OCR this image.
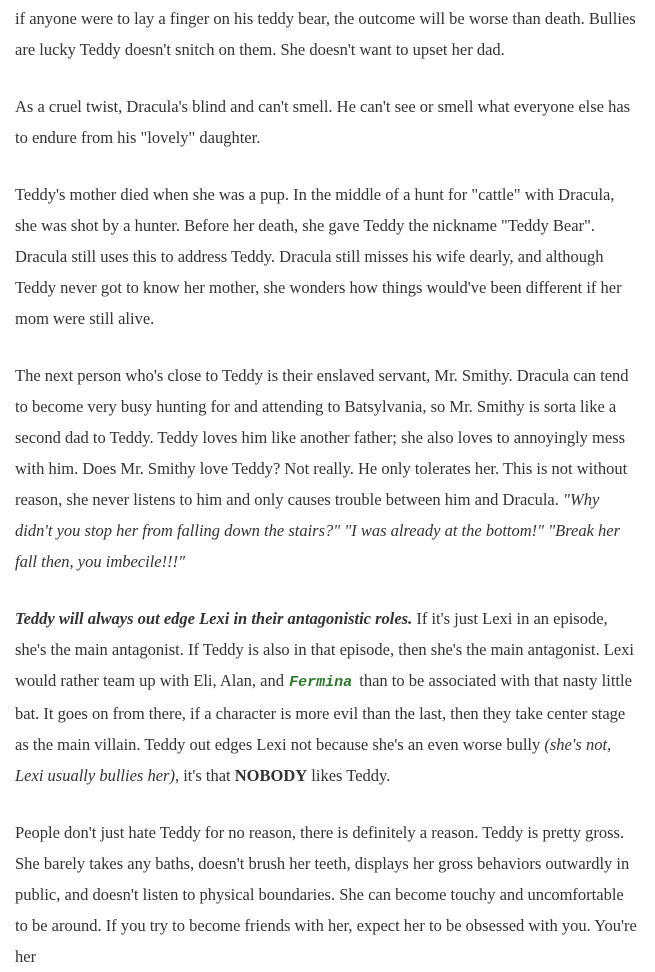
if anyone were to lay a finger on his teddy bear, the outcome will be worse than death. Bullies are lucky Teddy doesn't snitch on them. She doesn't want to upset her dad.

As a cruel twist, Dracula's blind and can't smell. He can't see or smell what everyone else has to endure from his "lovely" daughter.

Teddy's mother died when she was a pup. In the middle of a hunt for "cattle" with Dracula, she was shot by a hunter. Before her death, she gave Teddy the nickname "Teddy Bear". Dracula still uses this to address Teddy. Dracula still misses his wife dearly, and although Teddy never got to know her mother, she wonders how things would've been different if her mom were still alive.

The next person who's close to Teddy is their enslaved servant, Mr. Smithy. Dracula can tend to become very busy hunting for and attending to Batsylvania, so Mr. Smithy is sorta like a second dad to Teddy. Teddy loves him like another father; she also loves to annoyingly mess with him. Does Mr. Smithy love Teddy? Not really. He only tolerates her. This is not without reason, she never listens to him and only causes trouble between him and Dracula. "Why didn't you stop her from falling down the stairs?" "I was already at the bottom!" "Break her fall then, you imbecile!!!"

Teddy will always out edge Lexi in their antagonistic roles. If it's just Lexi in an episode, she's the main antagonist. If Teddy is also in that episode, then she's the main antagonist. Lexi would rather team up with Eli, Alan, and Fermina than to be associated with that nasty little bat. It goes on from there, if a character is more evil than the last, then they take center stage as the main villain. Teddy out edges Lexi not because she's an even worse bully (she's not, Lexi usually bullies her), it's that NOBODY likes Teddy.

People don't just hate Teddy for no reason, there is definitely a reason. Teddy is pretty gross. She barely takes any baths, doesn't brush her teeth, displays her gross behaviors outwardly in public, and doesn't listen to physical boundaries. She can become touchy and uncomfortable to be around. If you try to become friends with her, expect her to be obsessed with you. You're her
